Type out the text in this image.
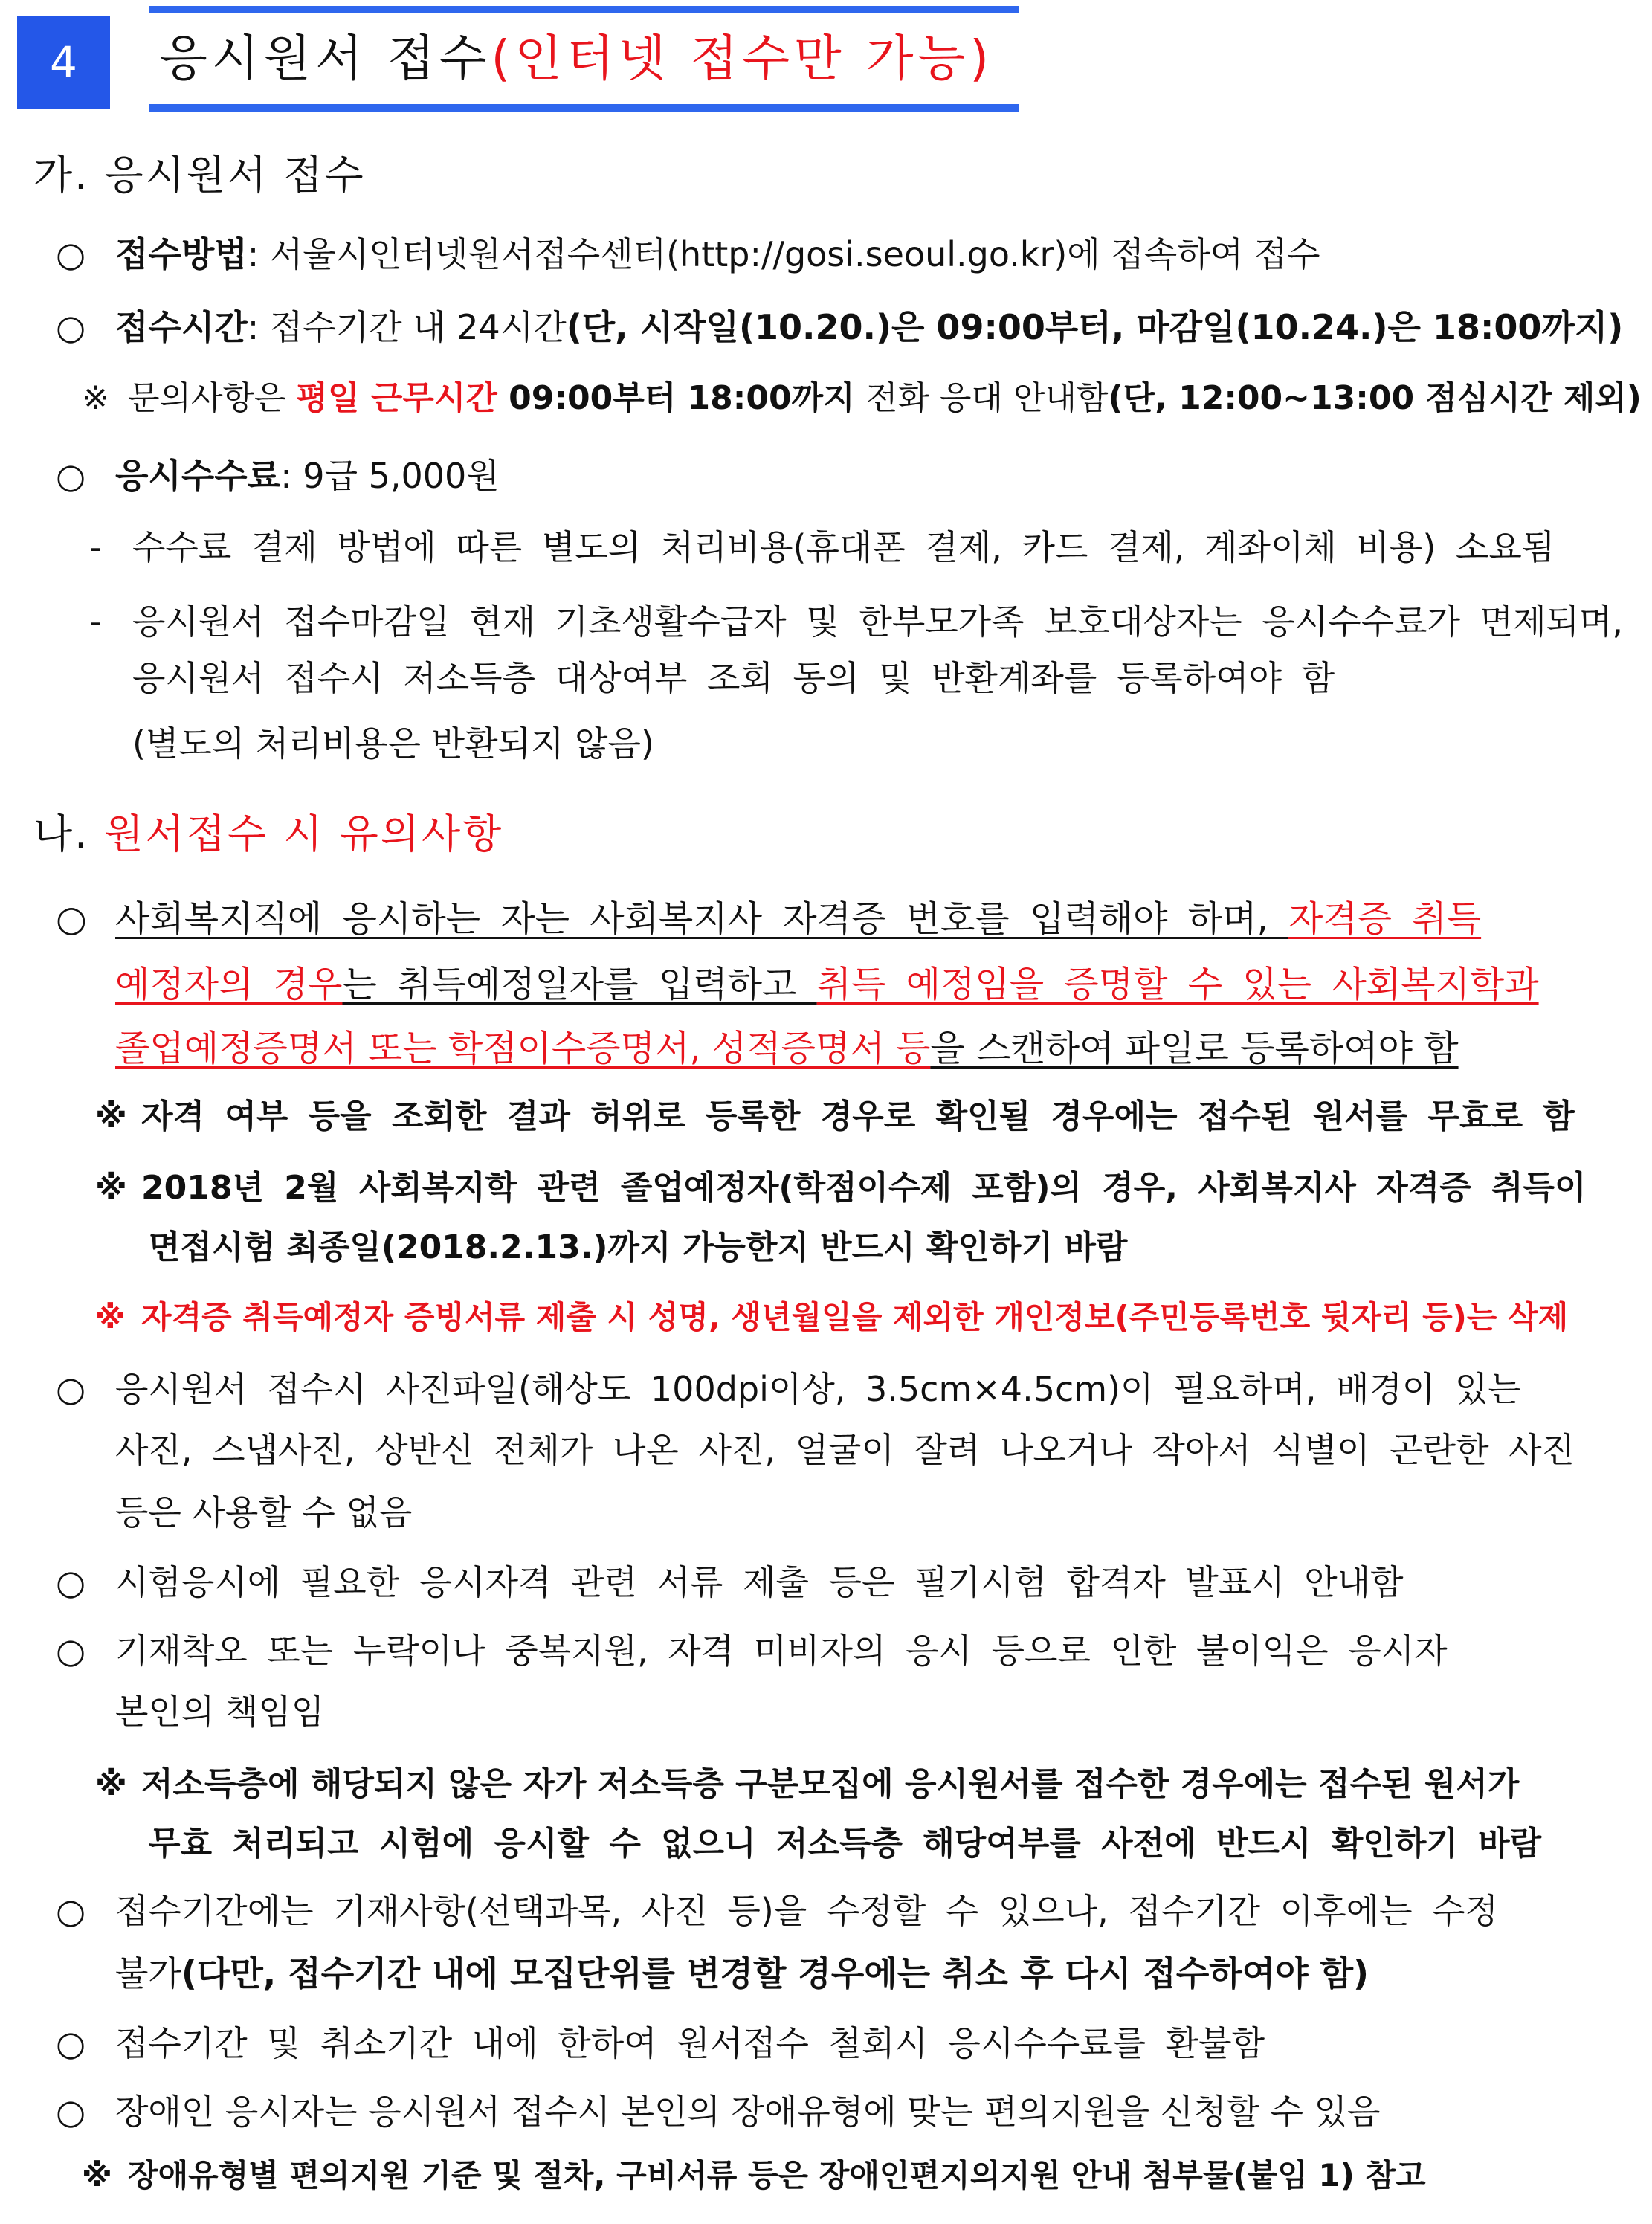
4 응시원서 접수(인터넷 접수만 가능)
가. 응시원서 접수
○ 접수방법: 서울시인터넷원서접수센터(http://gosi.seoul.go.kr)에 접속하여 접수
○ 접수시간: 접수기간 내 24시간(단, 시작일(10.20.)은 09:00부터, 마감일(10.24.)은 18:00까지)
※ 문의사항은 평일 근무시간 09:00부터 18:00까지 전화 응대 안내함(단, 12:00~13:00 점심시간 제외)
○ 응시수수료: 9급 5,000원
- 수수료 결제 방법에 따른 별도의 처리비용(휴대폰 결제, 카드 결제, 계좌이체 비용) 소요됨
- 응시원서 접수마감일 현재 기초생활수급자 및 한부모가족 보호대상자는 응시수수료가 면제되며,
응시원서 접수시 저소득층 대상여부 조회 동의 및 반환계좌를 등록하여야 함
(별도의 처리비용은 반환되지 않음)
나. 원서접수 시 유의사항
○ 사회복지직에 응시하는 자는 사회복지사 자격증 번호를 입력해야 하며, 자격증 취득
예정자의 경우는 취득예정일자를 입력하고 취득 예정임을 증명할 수 있는 사회복지학과
졸업예정증명서 또는 학점이수증명서, 성적증명서 등을 스캔하여 파일로 등록하여야 함
※ 자격 여부 등을 조회한 결과 허위로 등록한 경우로 확인될 경우에는 접수된 원서를 무효로 함
※ 2018년 2월 사회복지학 관련 졸업예정자(학점이수제 포함)의 경우, 사회복지사 자격증 취득이
면접시험 최종일(2018.2.13.)까지 가능한지 반드시 확인하기 바람
※ 자격증 취득예정자 증빙서류 제출 시 성명, 생년월일을 제외한 개인정보(주민등록번호 뒷자리 등)는 삭제
○ 응시원서 접수시 사진파일(해상도 100dpi이상, 3.5cm×4.5cm)이 필요하며, 배경이 있는
사진, 스냅사진, 상반신 전체가 나온 사진, 얼굴이 잘려 나오거나 작아서 식별이 곤란한 사진
등은 사용할 수 없음
○ 시험응시에 필요한 응시자격 관련 서류 제출 등은 필기시험 합격자 발표시 안내함
○ 기재착오 또는 누락이나 중복지원, 자격 미비자의 응시 등으로 인한 불이익은 응시자
본인의 책임임
※ 저소득층에 해당되지 않은 자가 저소득층 구분모집에 응시원서를 접수한 경우에는 접수된 원서가
무효 처리되고 시험에 응시할 수 없으니 저소득층 해당여부를 사전에 반드시 확인하기 바람
○ 접수기간에는 기재사항(선택과목, 사진 등)을 수정할 수 있으나, 접수기간 이후에는 수정
불가(다만, 접수기간 내에 모집단위를 변경할 경우에는 취소 후 다시 접수하여야 함)
○ 접수기간 및 취소기간 내에 한하여 원서접수 철회시 응시수수료를 환불함
○ 장애인 응시자는 응시원서 접수시 본인의 장애유형에 맞는 편의지원을 신청할 수 있음
※ 장애유형별 편의지원 기준 및 절차, 구비서류 등은 장애인편지의지원 안내 첨부물(붙임 1) 참고
